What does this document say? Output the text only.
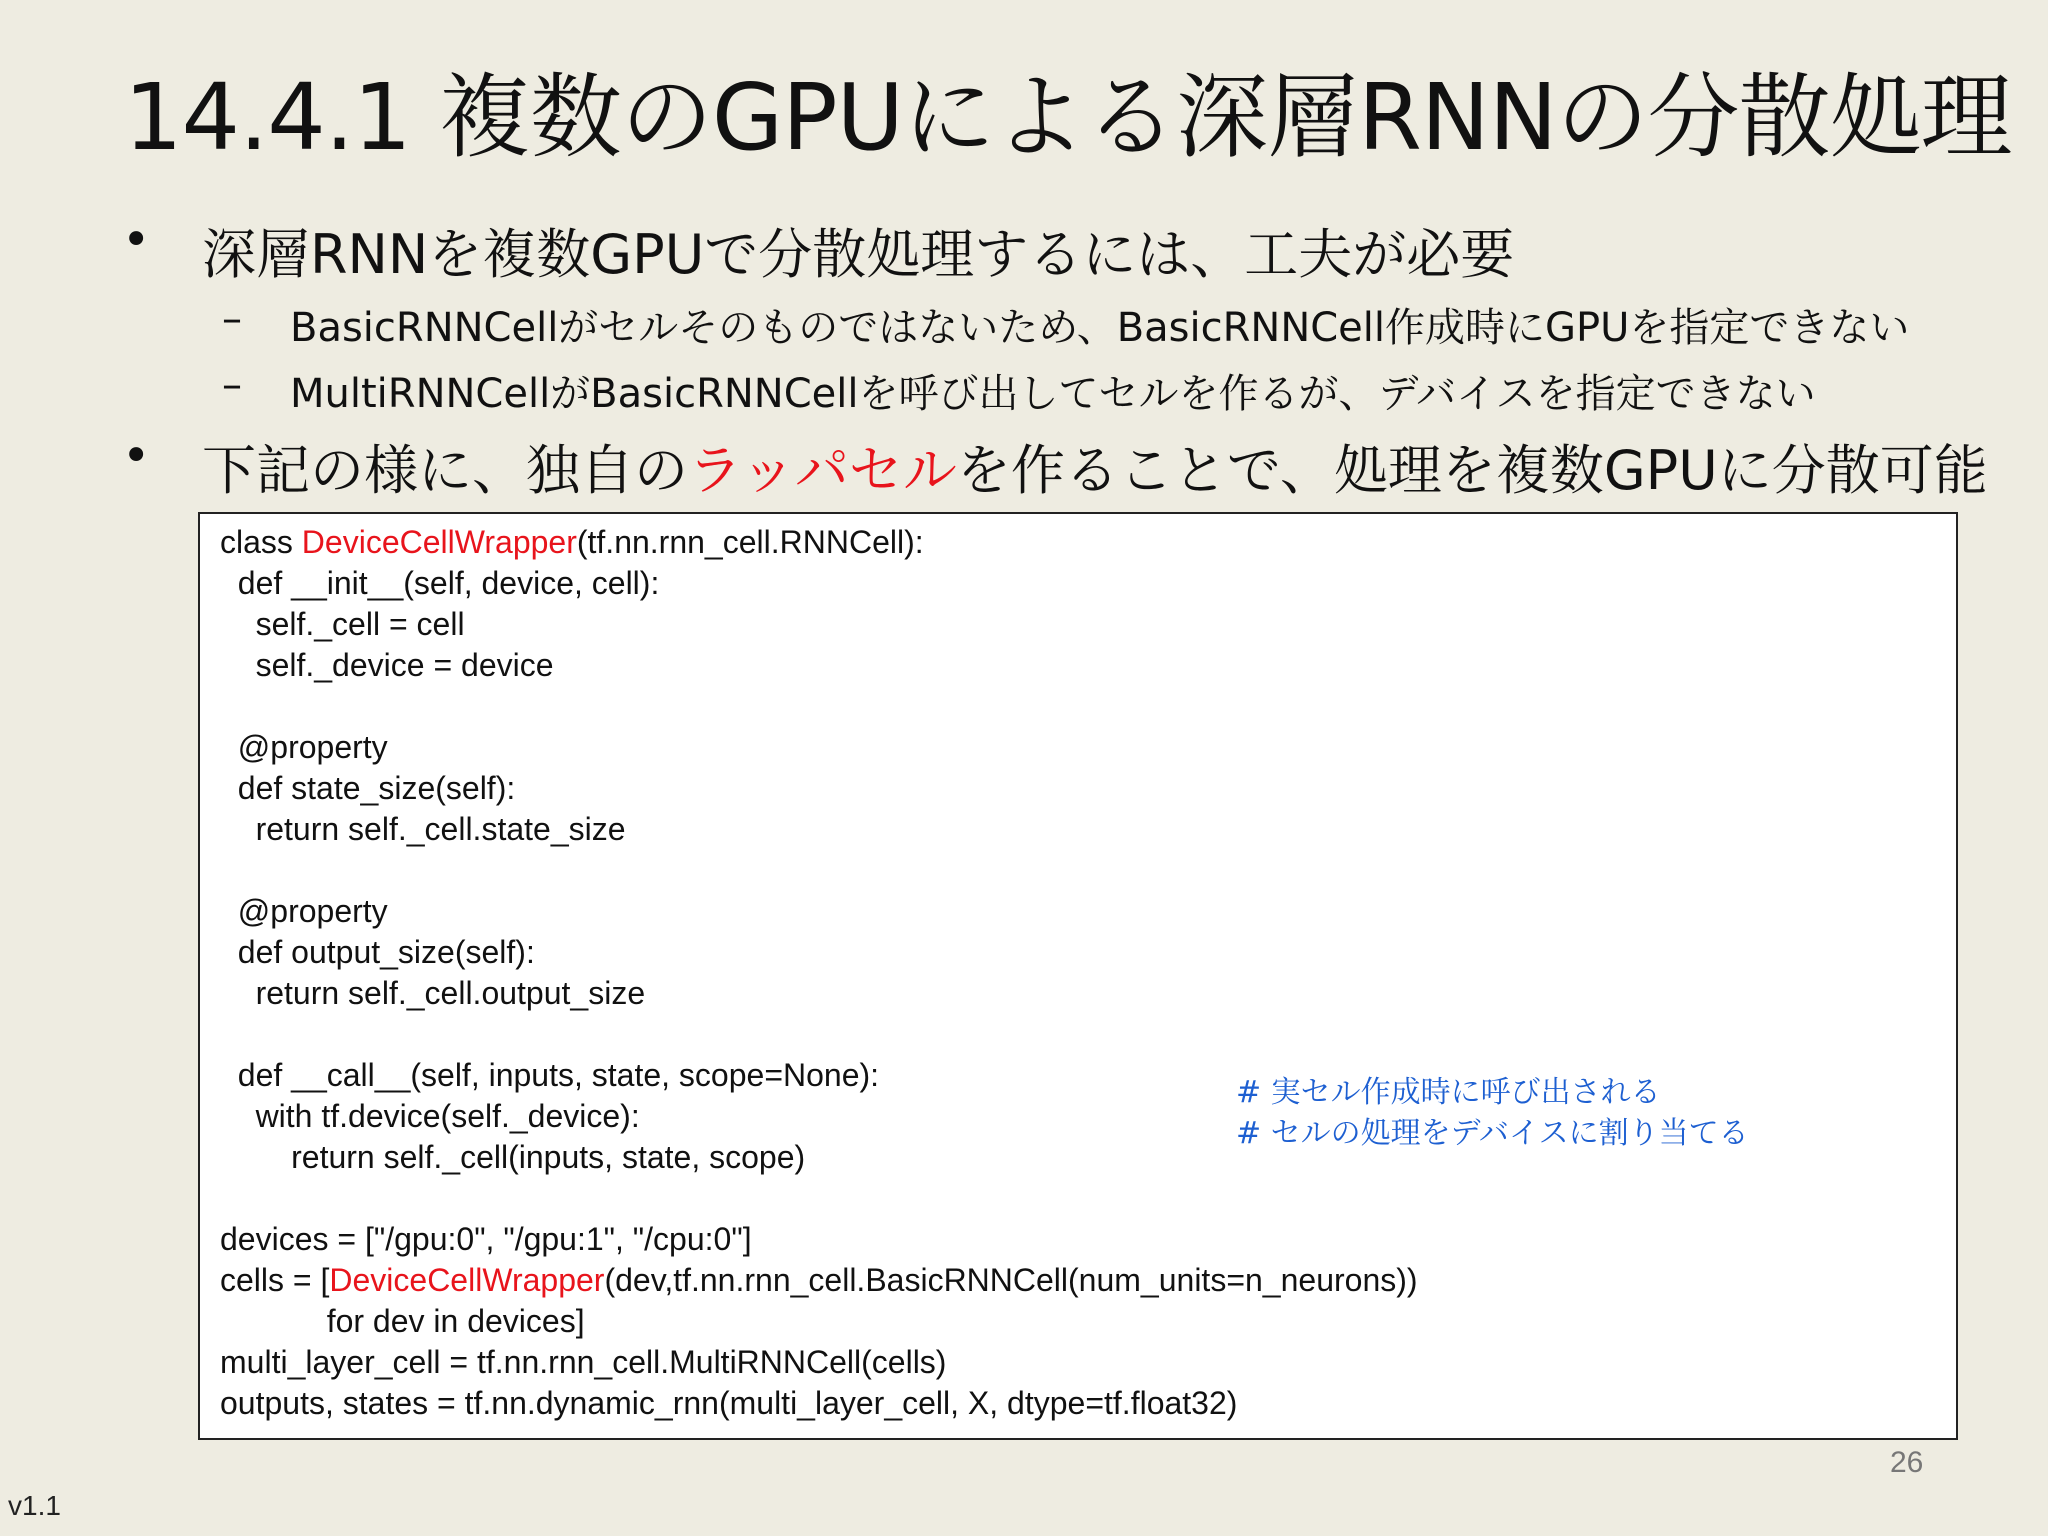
14.4.1 複数のGPUによる深層RNNの分散処理
• 深層RNNを複数GPUで分散処理するには、工夫が必要
– BasicRNNCellがセルそのものではないため、BasicRNNCell作成時にGPUを指定できない
– MultiRNNCellがBasicRNNCellを呼び出してセルを作るが、デバイスを指定できない
• 下記の様に、独自のラッパセルを作ることで、処理を複数GPUに分散可能
class DeviceCellWrapper(tf.nn.rnn_cell.RNNCell):
def __init__(self, device, cell):
self._cell = cell
self._device = device
@property
def state_size(self):
return self._cell.state_size
@property
def output_size(self):
return self._cell.output_size
def __call__(self, inputs, state, scope=None):
with tf.device(self._device):
return self._cell(inputs, state, scope)
devices = ["/gpu:0", "/gpu:1", "/cpu:0"]
cells = [DeviceCellWrapper(dev,tf.nn.rnn_cell.BasicRNNCell(num_units=n_neurons))
for dev in devices]
multi_layer_cell = tf.nn.rnn_cell.MultiRNNCell(cells)
outputs, states = tf.nn.dynamic_rnn(multi_layer_cell, X, dtype=tf.float32)
# 実セル作成時に呼び出される
# セルの処理をデバイスに割り当てる
26
v1.1
